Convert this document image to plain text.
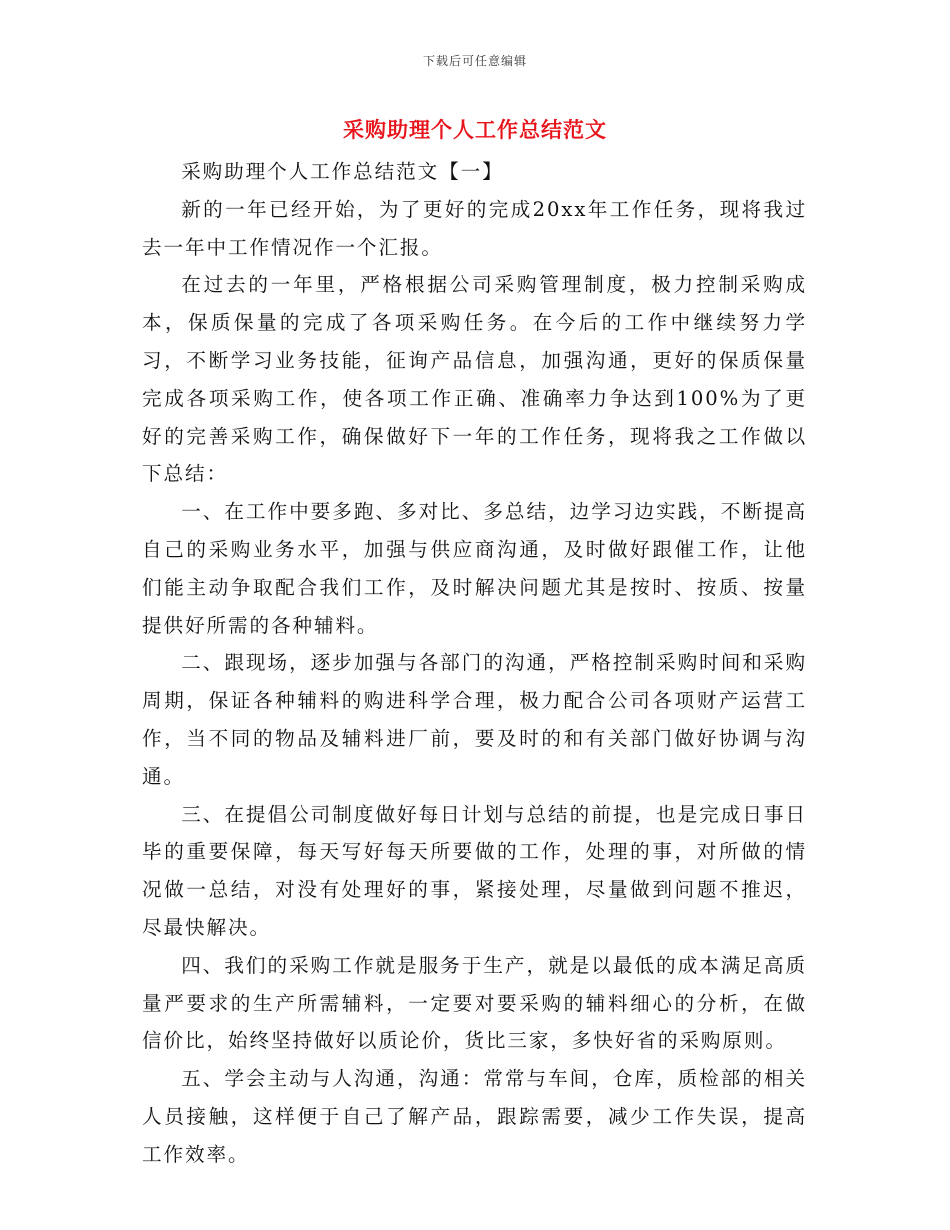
下载后可任意编辑
采购助理个人工作总结范文

采购助理个人工作总结范文【一】

新的一年已经开始，为了更好的完成20xx年工作任务，现将我过去一年中工作情况作一个汇报。

在过去的一年里，严格根据公司采购管理制度，极力控制采购成本，保质保量的完成了各项采购任务。在今后的工作中继续努力学习，不断学习业务技能，征询产品信息，加强沟通，更好的保质保量完成各项采购工作，使各项工作正确、准确率力争达到100%为了更好的完善采购工作，确保做好下一年的工作任务，现将我之工作做以下总结：

一、在工作中要多跑、多对比、多总结，边学习边实践，不断提高自己的采购业务水平，加强与供应商沟通，及时做好跟催工作，让他们能主动争取配合我们工作，及时解决问题尤其是按时、按质、按量提供好所需的各种辅料。

二、跟现场，逐步加强与各部门的沟通，严格控制采购时间和采购周期，保证各种辅料的购进科学合理，极力配合公司各项财产运营工作，当不同的物品及辅料进厂前，要及时的和有关部门做好协调与沟通。

三、在提倡公司制度做好每日计划与总结的前提，也是完成日事日毕的重要保障，每天写好每天所要做的工作，处理的事，对所做的情况做一总结，对没有处理好的事，紧接处理，尽量做到问题不推迟，尽最快解决。

四、我们的采购工作就是服务于生产，就是以最低的成本满足高质量严要求的生产所需辅料，一定要对要采购的辅料细心的分析，在做信价比，始终坚持做好以质论价，货比三家，多快好省的采购原则。

五、学会主动与人沟通，沟通：常常与车间，仓库，质检部的相关人员接触，这样便于自己了解产品，跟踪需要，减少工作失误，提高工作效率。
